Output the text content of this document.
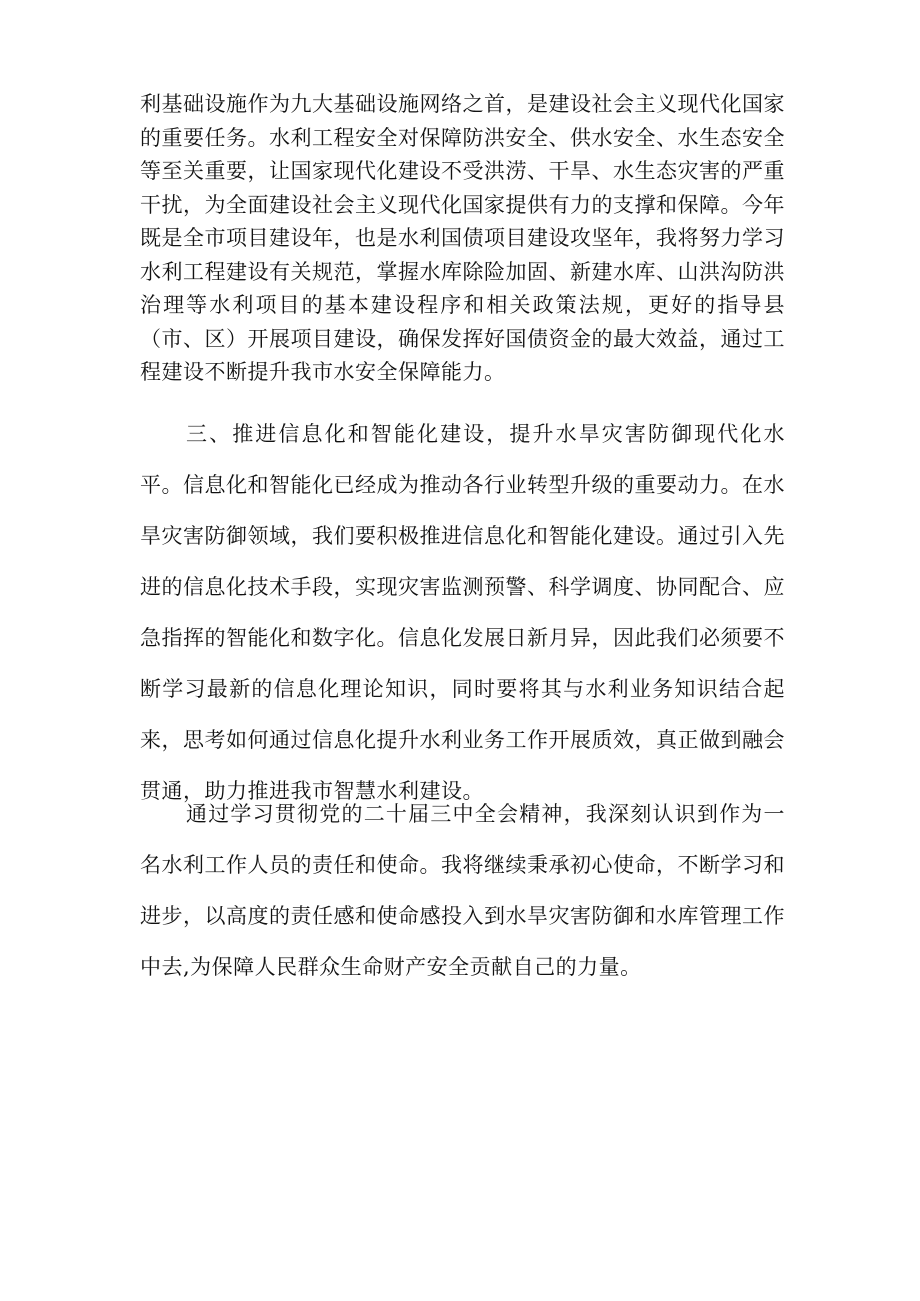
利基础设施作为九大基础设施网络之首，是建设社会主义现代化国家的重要任务。水利工程安全对保障防洪安全、供水安全、水生态安全等至关重要，让国家现代化建设不受洪涝、干旱、水生态灾害的严重干扰，为全面建设社会主义现代化国家提供有力的支撑和保障。今年既是全市项目建设年，也是水利国债项目建设攻坚年，我将努力学习水利工程建设有关规范，掌握水库除险加固、新建水库、山洪沟防洪治理等水利项目的基本建设程序和相关政策法规，更好的指导县（市、区）开展项目建设，确保发挥好国债资金的最大效益，通过工程建设不断提升我市水安全保障能力。

三、推进信息化和智能化建设，提升水旱灾害防御现代化水平。信息化和智能化已经成为推动各行业转型升级的重要动力。在水旱灾害防御领域，我们要积极推进信息化和智能化建设。通过引入先进的信息化技术手段，实现灾害监测预警、科学调度、协同配合、应急指挥的智能化和数字化。信息化发展日新月异，因此我们必须要不断学习最新的信息化理论知识，同时要将其与水利业务知识结合起来，思考如何通过信息化提升水利业务工作开展质效，真正做到融会贯通，助力推进我市智慧水利建设。

通过学习贯彻党的二十届三中全会精神，我深刻认识到作为一名水利工作人员的责任和使命。我将继续秉承初心使命，不断学习和进步，以高度的责任感和使命感投入到水旱灾害防御和水库管理工作中去,为保障人民群众生命财产安全贡献自己的力量。
